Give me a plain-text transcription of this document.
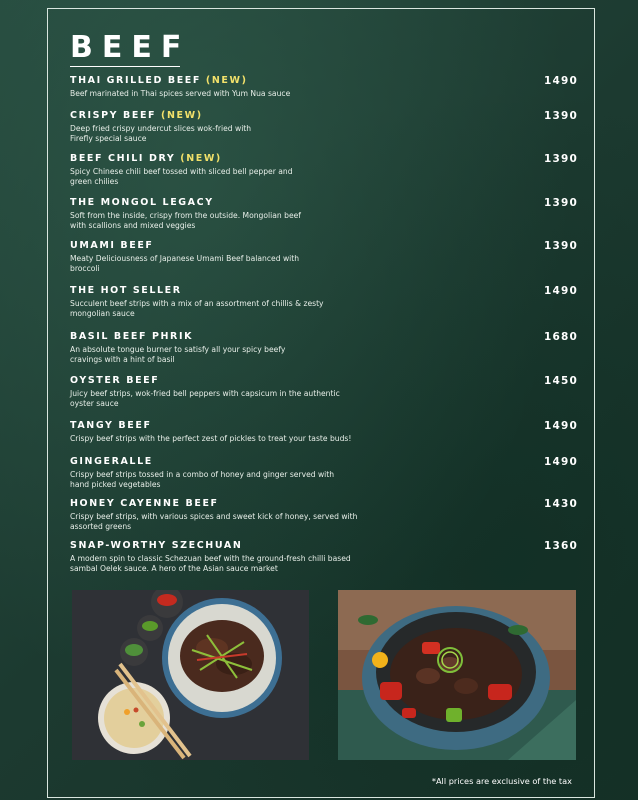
BEEF
THAI GRILLED BEEF (NEW)	1490
Beef marinated in Thai spices served with Yum Nua sauce
CRISPY BEEF (NEW)	1390
Deep fried crispy undercut slices wok-fried with Firefly special sauce
BEEF CHILI DRY (NEW)	1390
Spicy Chinese chili beef tossed with sliced bell pepper and green chilies
THE MONGOL LEGACY	1390
Soft from the inside, crispy from the outside. Mongolian beef with scallions and mixed veggies
UMAMI BEEF	1390
Meaty Deliciousness of Japanese Umami Beef balanced with broccoli
THE HOT SELLER	1490
Succulent beef strips with a mix of an assortment of chillis & zesty mongolian sauce
BASIL BEEF PHRIK	1680
An absolute tongue burner to satisfy all your spicy beefy cravings with a hint of basil
OYSTER BEEF	1450
Juicy beef strips, wok-fried bell peppers with capsicum in the authentic oyster sauce
TANGY BEEF	1490
Crispy beef strips with the perfect zest of pickles to treat your taste buds!
GINGERALLE	1490
Crispy beef strips tossed in a combo of honey and ginger served with hand picked vegetables
HONEY CAYENNE BEEF	1430
Crispy beef strips, with various spices and sweet kick of honey, served with assorted greens
SNAP-WORTHY SZECHUAN	1360
A modern spin to classic Schezuan beef with the ground-fresh chilli based sambal Oelek sauce. A hero of the Asian sauce market
*All prices are exclusive of the tax
